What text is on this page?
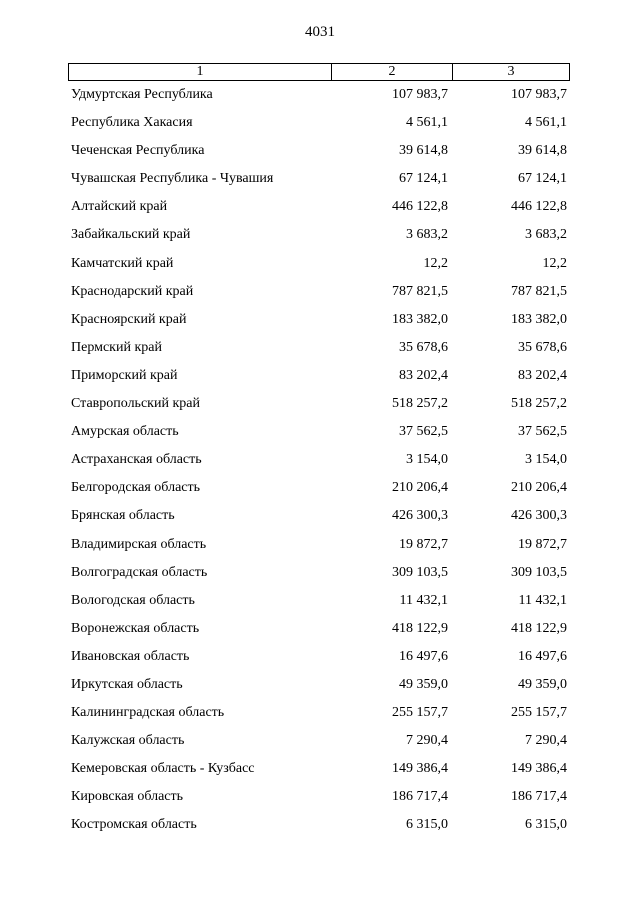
4031
1	2	3
Удмуртская Республика	107 983,7	107 983,7
Республика Хакасия	4 561,1	4 561,1
Чеченская Республика	39 614,8	39 614,8
Чувашская Республика - Чувашия	67 124,1	67 124,1
Алтайский край	446 122,8	446 122,8
Забайкальский край	3 683,2	3 683,2
Камчатский край	12,2	12,2
Краснодарский край	787 821,5	787 821,5
Красноярский край	183 382,0	183 382,0
Пермский край	35 678,6	35 678,6
Приморский край	83 202,4	83 202,4
Ставропольский край	518 257,2	518 257,2
Амурская область	37 562,5	37 562,5
Астраханская область	3 154,0	3 154,0
Белгородская область	210 206,4	210 206,4
Брянская область	426 300,3	426 300,3
Владимирская область	19 872,7	19 872,7
Волгоградская область	309 103,5	309 103,5
Вологодская область	11 432,1	11 432,1
Воронежская область	418 122,9	418 122,9
Ивановская область	16 497,6	16 497,6
Иркутская область	49 359,0	49 359,0
Калининградская область	255 157,7	255 157,7
Калужская область	7 290,4	7 290,4
Кемеровская область - Кузбасс	149 386,4	149 386,4
Кировская область	186 717,4	186 717,4
Костромская область	6 315,0	6 315,0
